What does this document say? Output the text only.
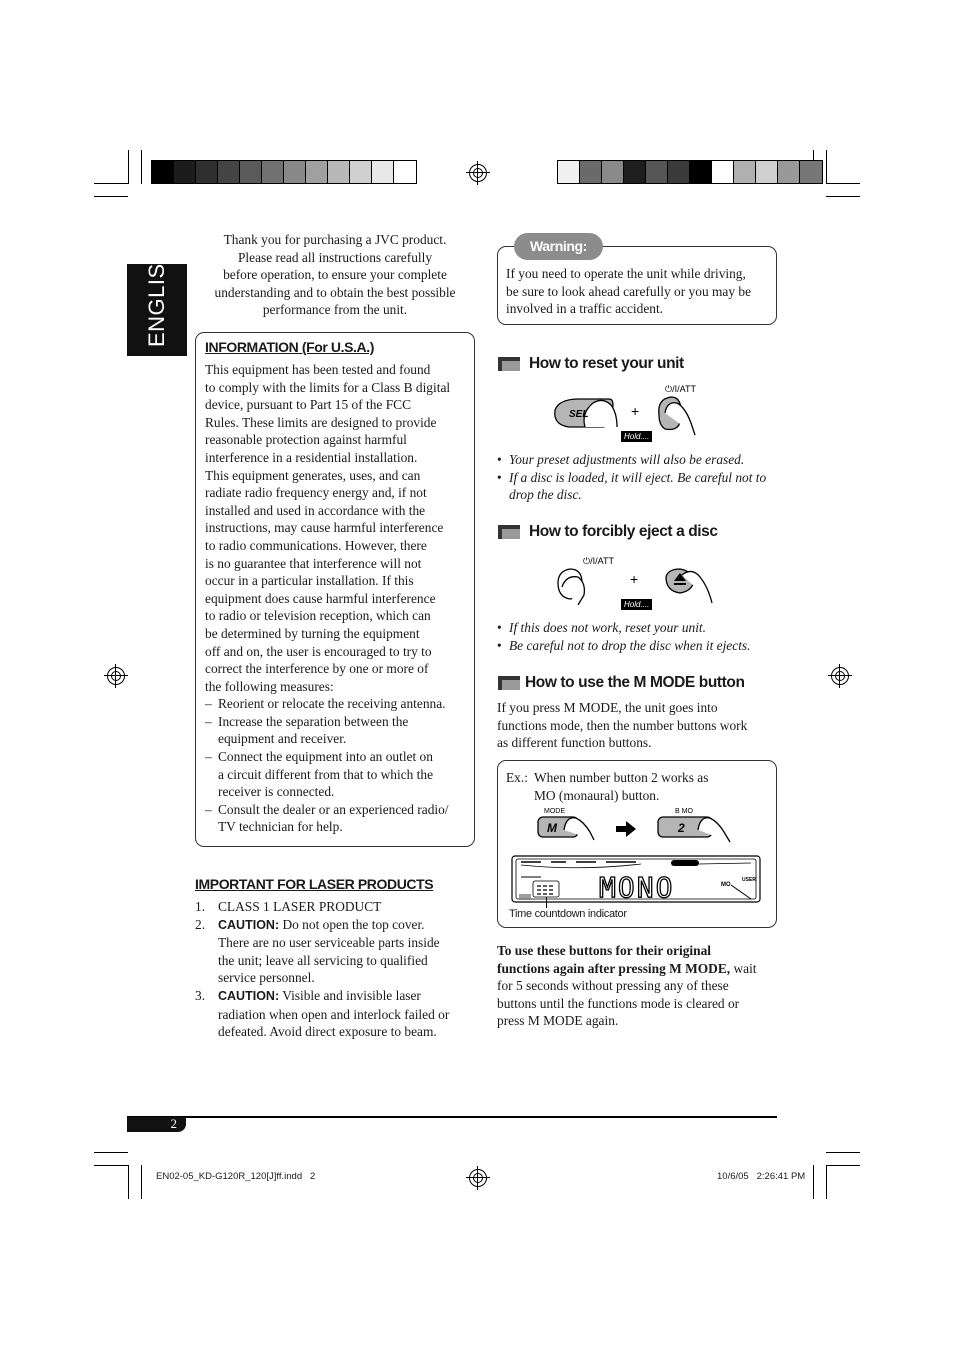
ENGLISH
Thank you for purchasing a JVC product.
Please read all instructions carefully
before operation, to ensure your complete
understanding and to obtain the best possible
performance from the unit.
INFORMATION (For U.S.A.)
This equipment has been tested and found
to comply with the limits for a Class B digital
device, pursuant to Part 15 of the FCC
Rules. These limits are designed to provide
reasonable protection against harmful
interference in a residential installation.
This equipment generates, uses, and can
radiate radio frequency energy and, if not
installed and used in accordance with the
instructions, may cause harmful interference
to radio communications. However, there
is no guarantee that interference will not
occur in a particular installation. If this
equipment does cause harmful interference
to radio or television reception, which can
be determined by turning the equipment
off and on, the user is encouraged to try to
correct the interference by one or more of
the following measures:
– Reorient or relocate the receiving antenna.
– Increase the separation between the
equipment and receiver.
– Connect the equipment into an outlet on
a circuit different from that to which the
receiver is connected.
– Consult the dealer or an experienced radio/
TV technician for help.
IMPORTANT FOR LASER PRODUCTS
1. CLASS 1 LASER PRODUCT
2. CAUTION: Do not open the top cover.
There are no user serviceable parts inside
the unit; leave all servicing to qualified
service personnel.
3. CAUTION: Visible and invisible laser
radiation when open and interlock failed or
defeated. Avoid direct exposure to beam.
Warning:
If you need to operate the unit while driving,
be sure to look ahead carefully or you may be
involved in a traffic accident.
How to reset your unit
SEL	+
⏻/I/ATT
Hold....
• Your preset adjustments will also be erased.
• If a disc is loaded, it will eject. Be careful not to
drop the disc.
How to forcibly eject a disc
⏻/I/ATT
+
Hold....
• If this does not work, reset your unit.
• Be careful not to drop the disc when it ejects.
How to use the M MODE button
If you press M MODE, the unit goes into
functions mode, then the number buttons work
as different function buttons.
Ex.: When number button 2 works as
MO (monaural) button.
MODE
M
B MO
2
MONO	MO
USER
Time countdown indicator
To use these buttons for their original
functions again after pressing M MODE, wait
for 5 seconds without pressing any of these
buttons until the functions mode is cleared or
press M MODE again.
2
EN02-05_KD-G120R_120[J]ff.indd   2	10/6/05   2:26:41 PM
